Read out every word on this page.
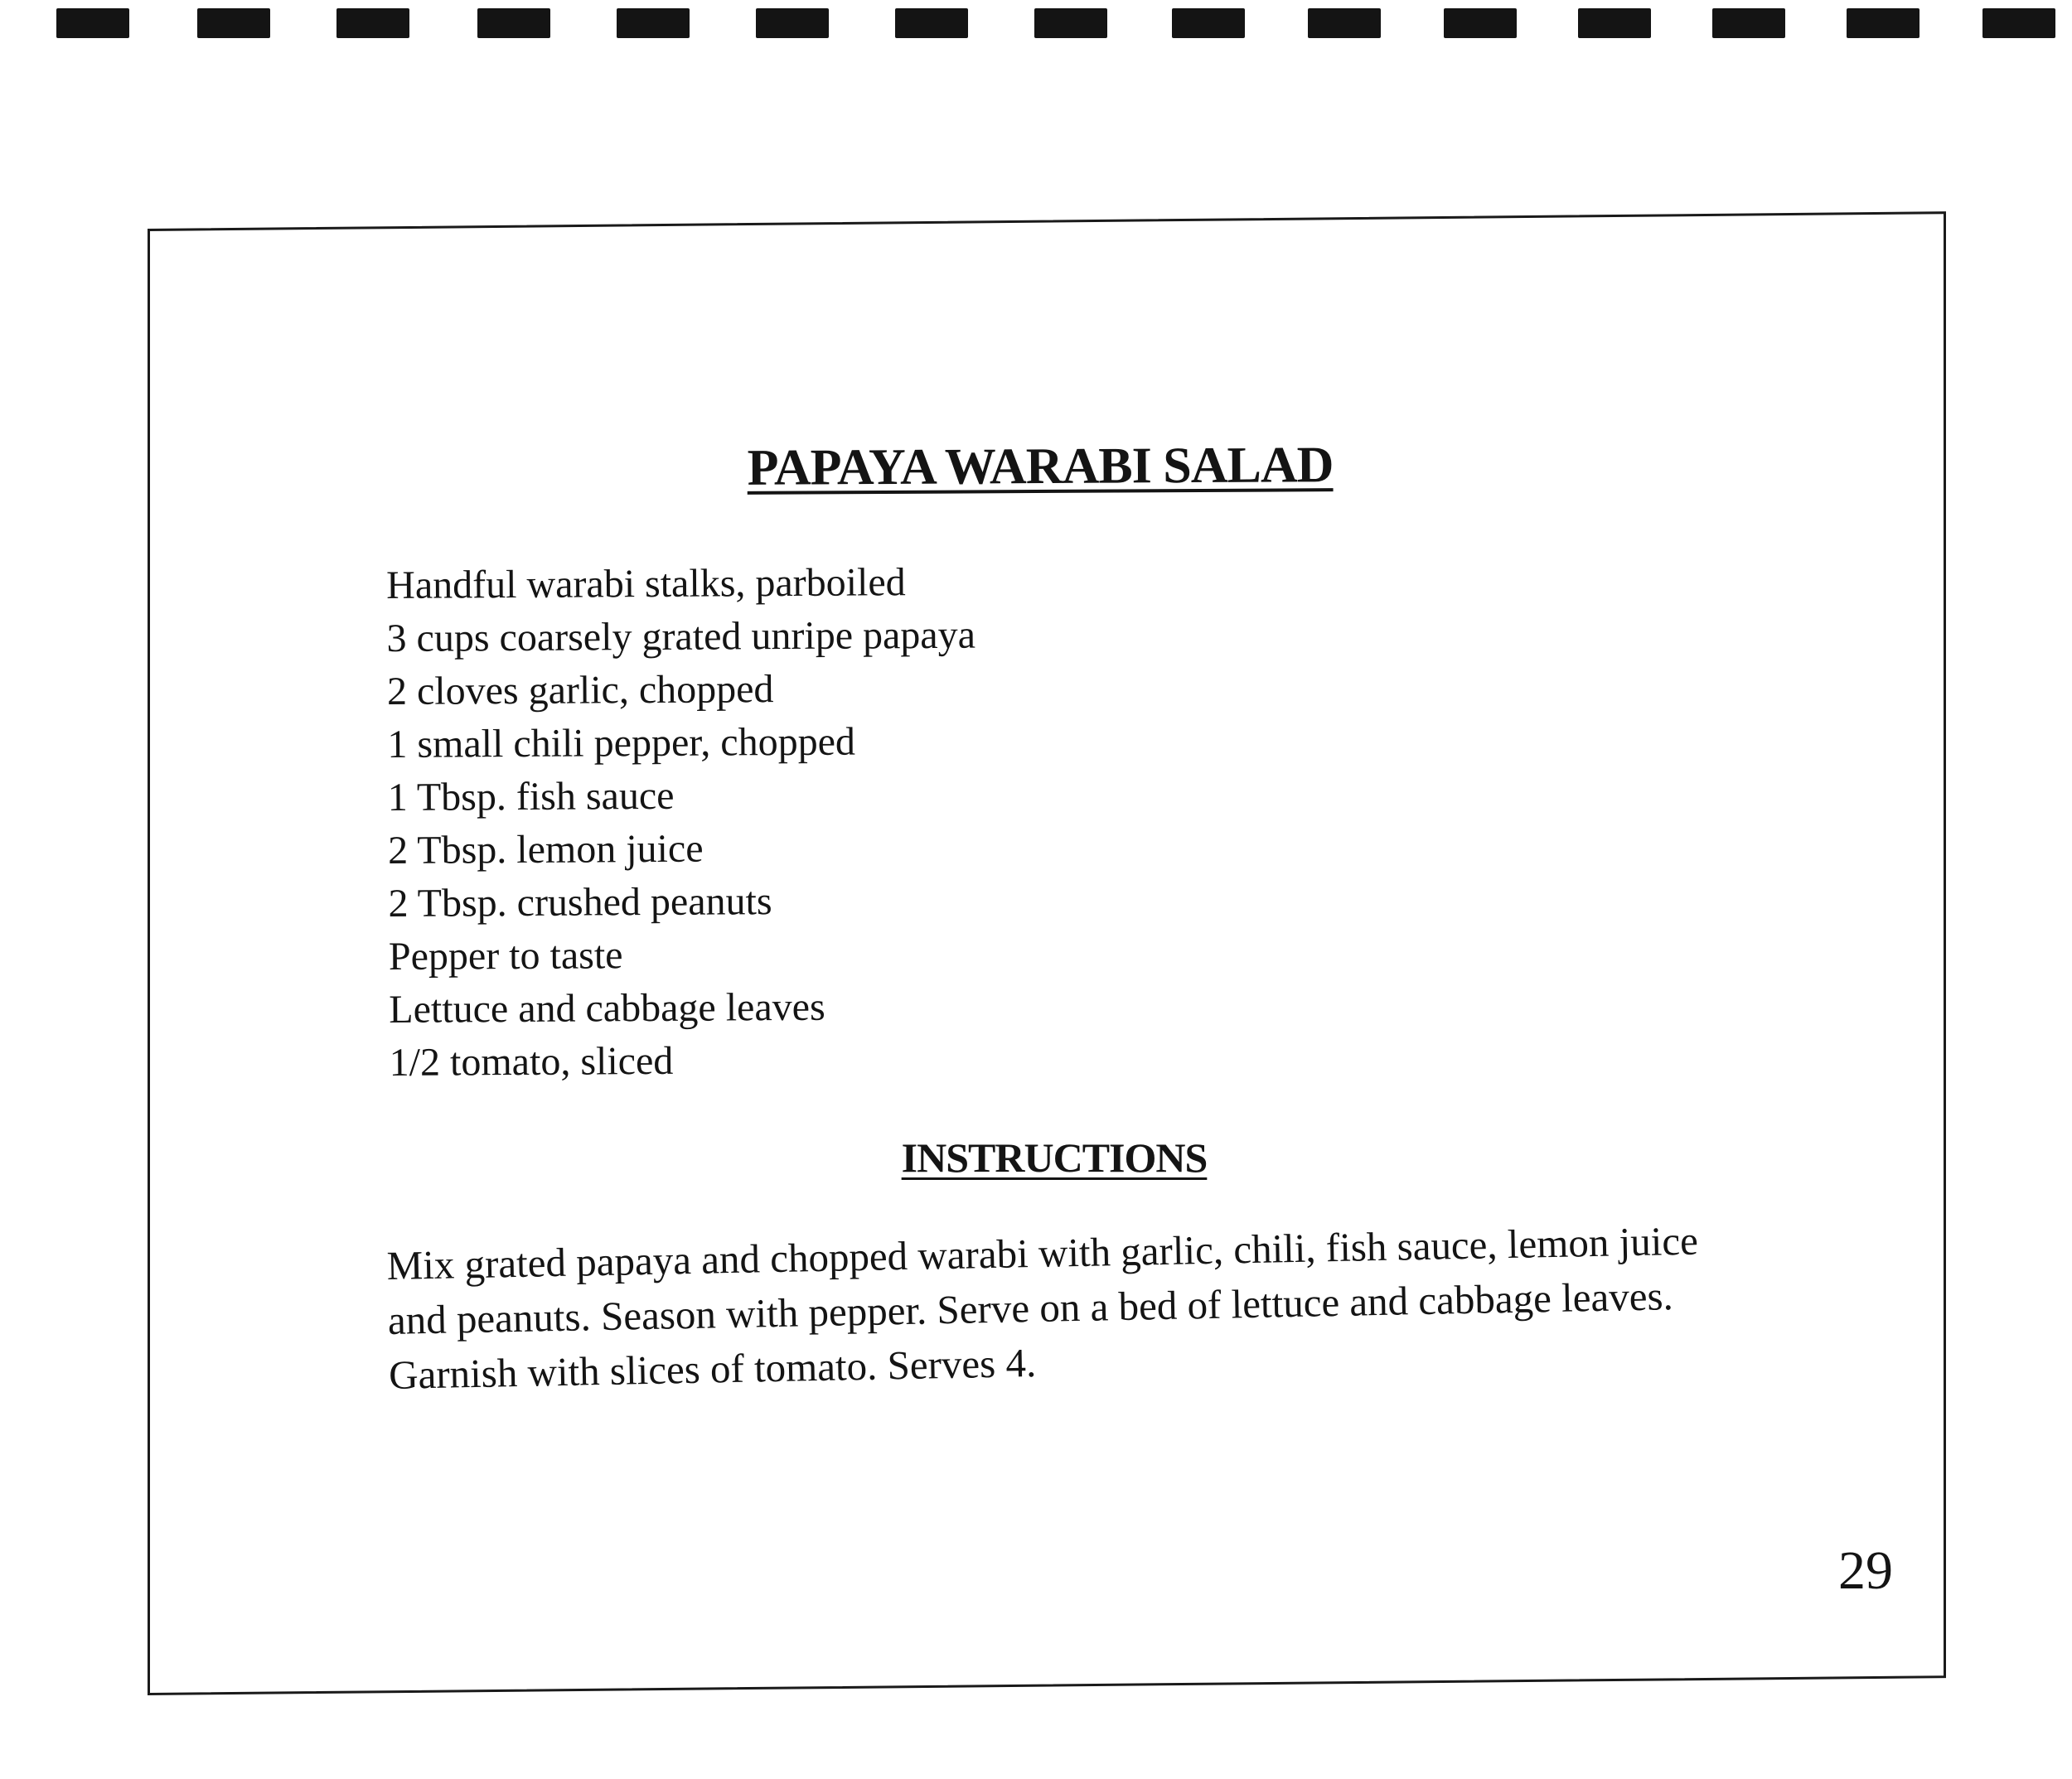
PAPAYA WARABI SALAD
Handful warabi stalks, parboiled
3 cups coarsely grated unripe papaya
2 cloves garlic, chopped
1 small chili pepper, chopped
1 Tbsp. fish sauce
2 Tbsp. lemon juice
2 Tbsp. crushed peanuts
Pepper to taste
Lettuce and cabbage leaves
1/2 tomato, sliced
INSTRUCTIONS
Mix grated papaya and chopped warabi with garlic, chili, fish sauce, lemon juice
and peanuts. Season with pepper. Serve on a bed of lettuce and cabbage leaves.
Garnish with slices of tomato. Serves 4.
29
